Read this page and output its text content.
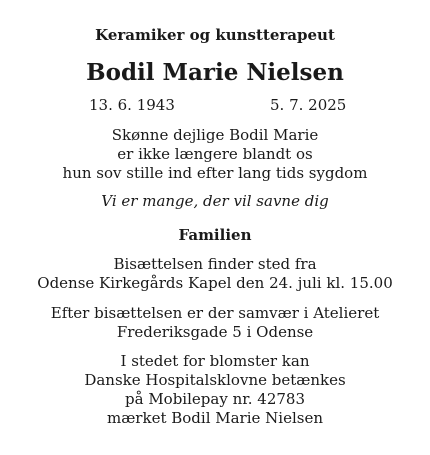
Keramiker og kunstterapeut
Bodil Marie Nielsen
13. 6. 1943	5. 7. 2025
Skønne dejlige Bodil Marie
er ikke længere blandt os
hun sov stille ind efter lang tids sygdom
Vi er mange, der vil savne dig
Familien
Bisættelsen finder sted fra
Odense Kirkegårds Kapel den 24. juli kl. 15.00
Efter bisættelsen er der samvær i Atelieret
Frederiksgade 5 i Odense
I stedet for blomster kan
Danske Hospitalsklovne betænkes
på Mobilepay nr. 42783
mærket Bodil Marie Nielsen
